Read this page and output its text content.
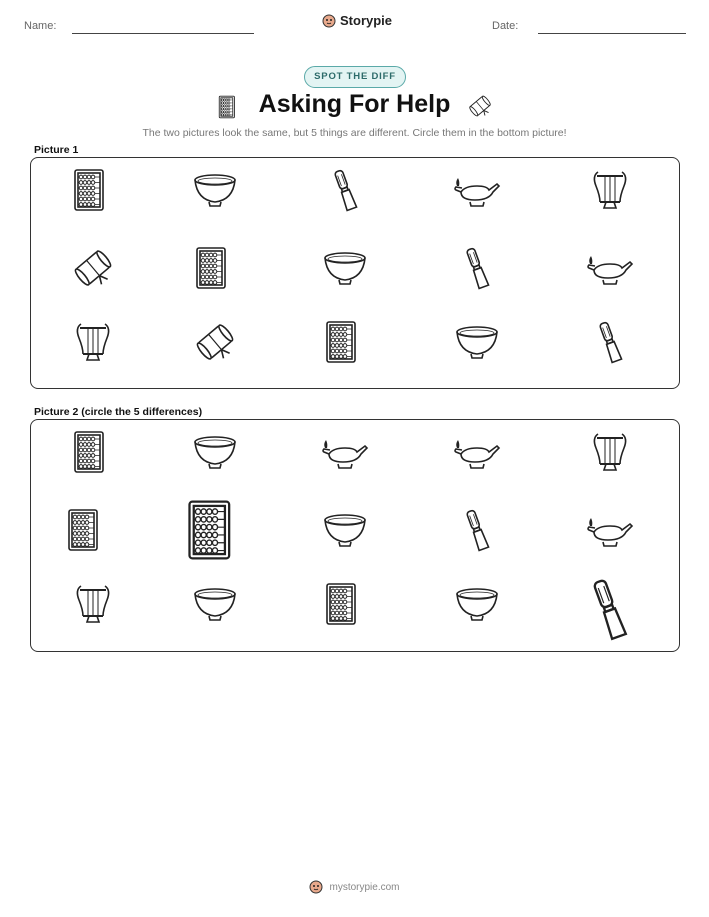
Name:	Storypie	Date:
SPOT THE DIFF
Asking For Help
The two pictures look the same, but 5 things are different. Circle them in the bottom picture!
Picture 1
Picture 2 (circle the 5 differences)
mystorypie.com
